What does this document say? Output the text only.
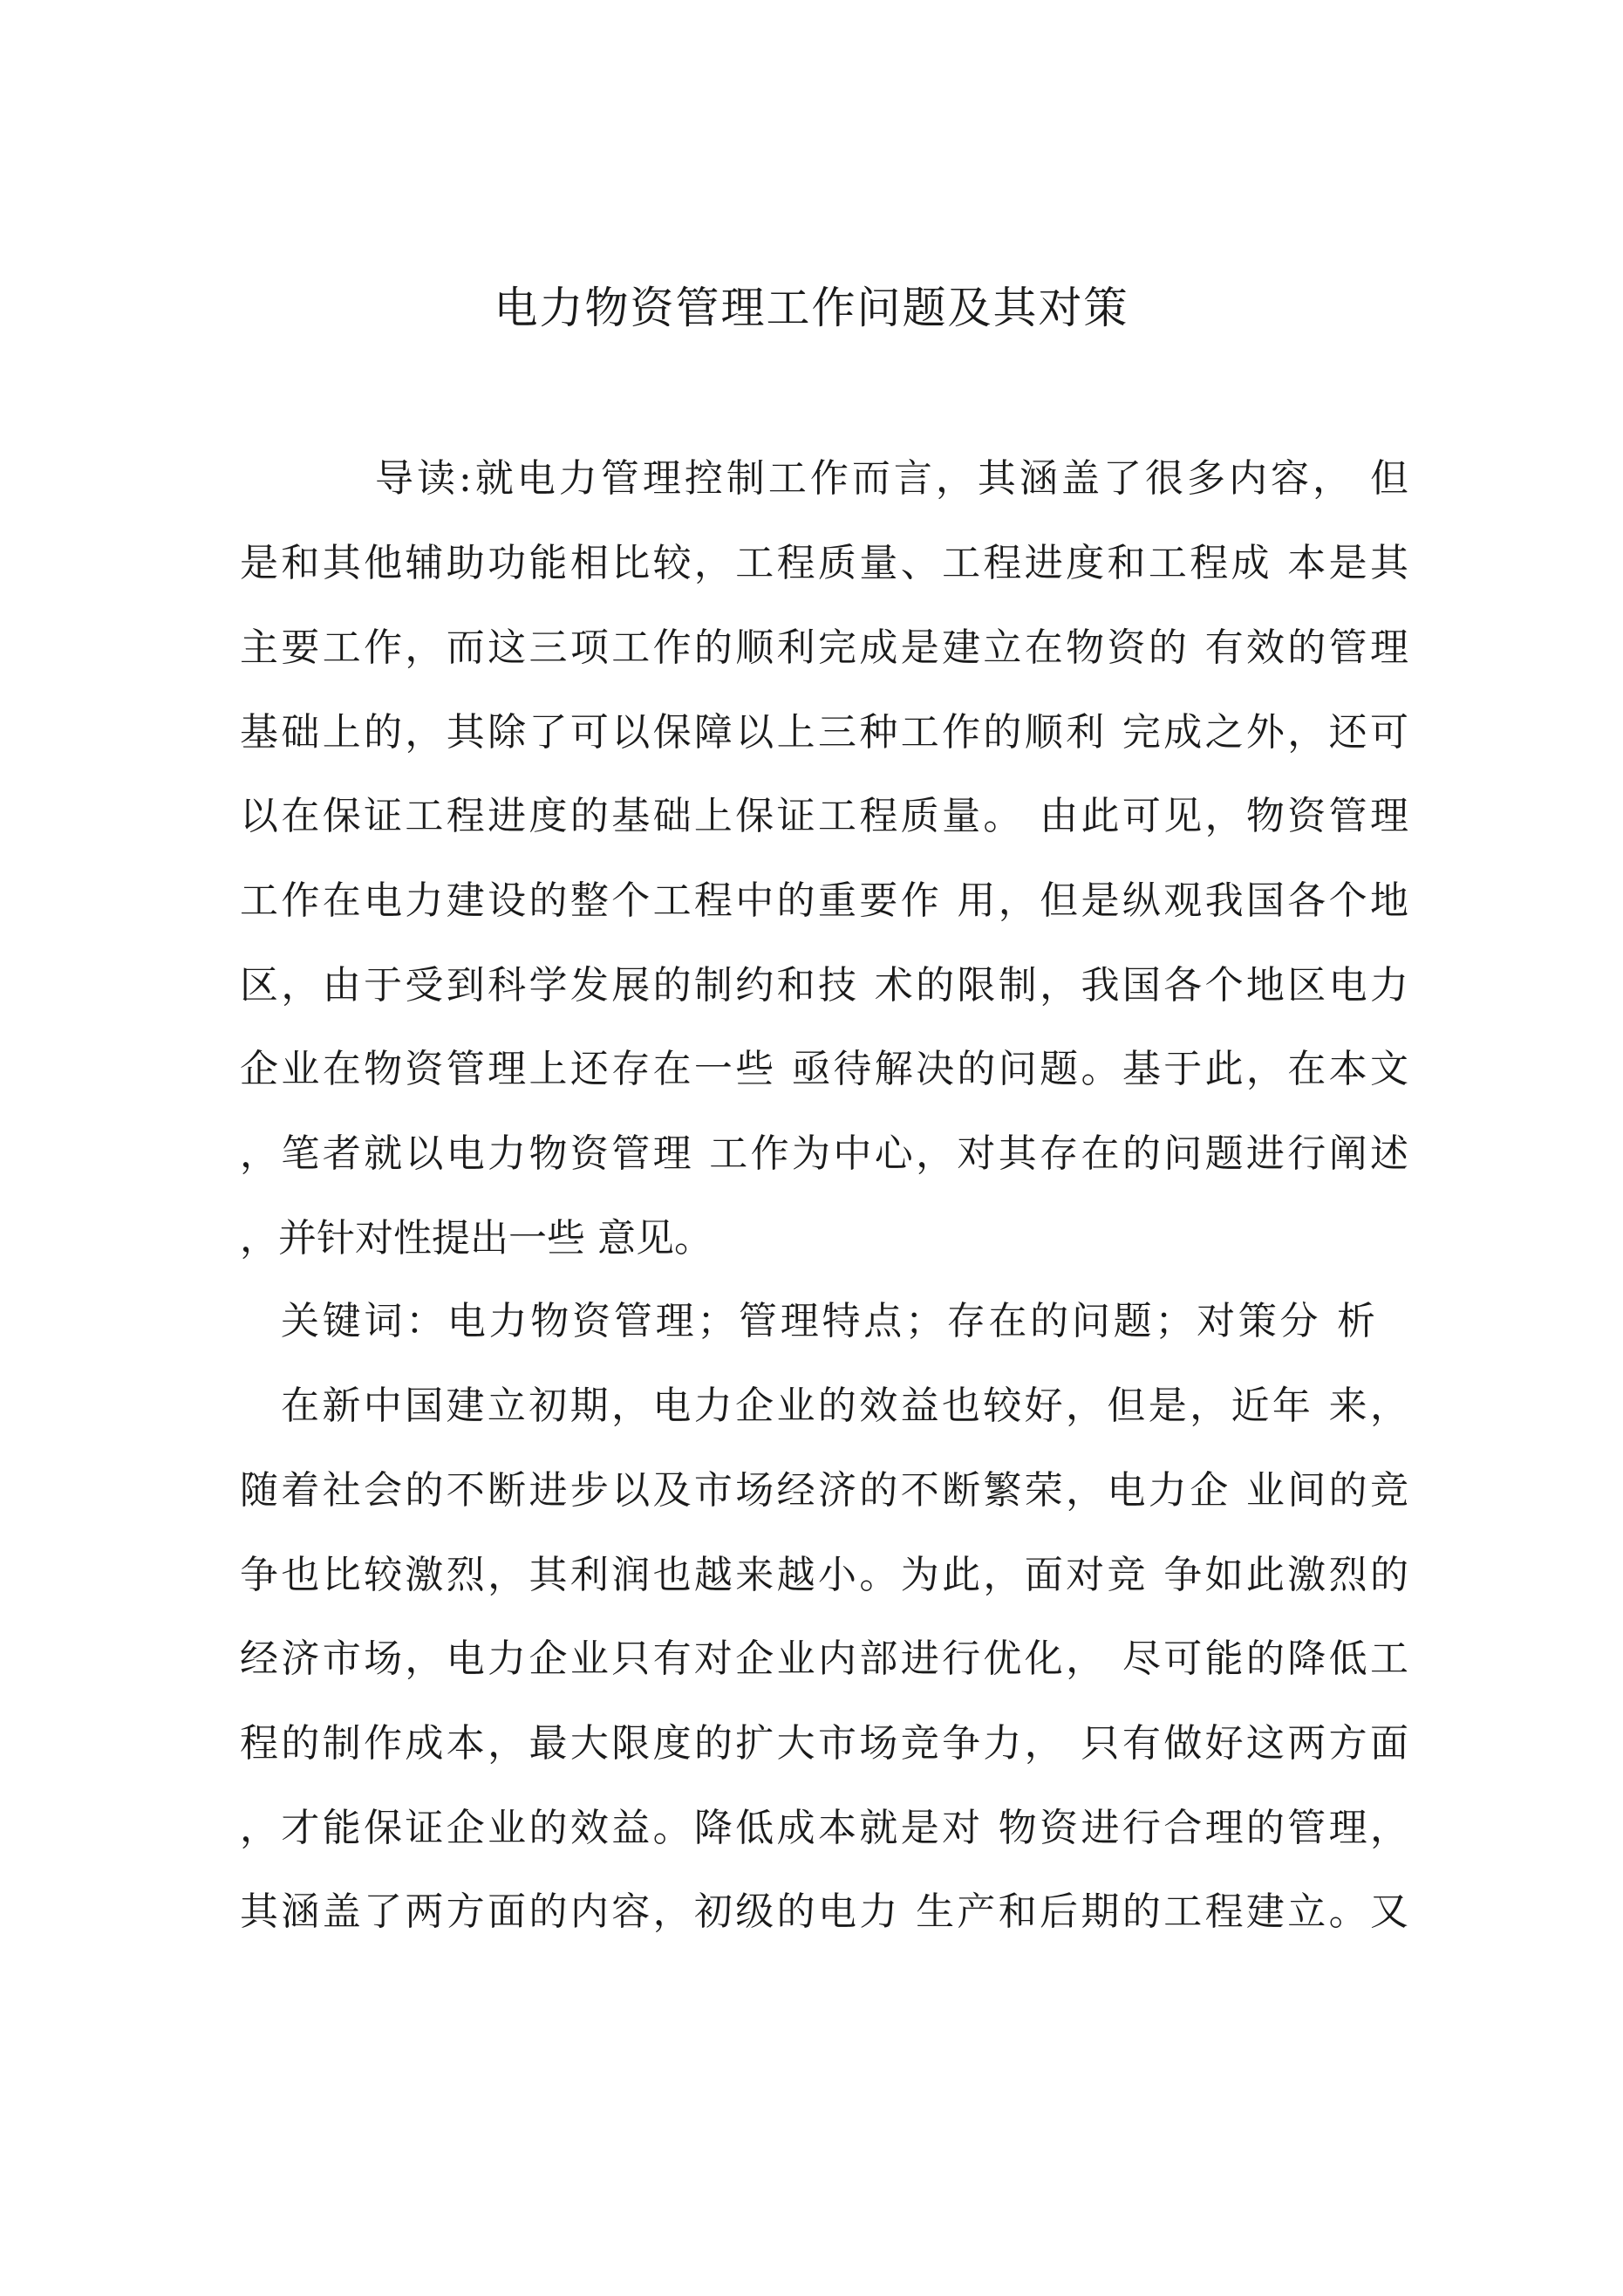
电力物资管理工作问题及其对策
导读:就电力管理控制工作而言，其涵盖了很多内容， 但
是和其他辅助功能相比较，工程质量、工程进度和工程成 本是其
主要工作，而这三项工作的顺利完成是建立在物资的 有效的管理
基础上的，其除了可以保障以上三种工作的顺利 完成之外，还可
以在保证工程进度的基础上保证工程质量。 由此可见，物资管理
工作在电力建设的整个工程中的重要作 用，但是纵观我国各个地
区，由于受到科学发展的制约和技 术的限制，我国各个地区电力
企业在物资管理上还存在一些 亟待解决的问题。基于此，在本文
，笔者就以电力物资管理 工作为中心，对其存在的问题进行阐述
，并针对性提出一些 意见。
关键词：电力物资管理；管理特点；存在的问题；对策分 析
在新中国建立初期，电力企业的效益也较好，但是，近年 来，
随着社会的不断进步以及市场经济的不断繁荣，电力企 业间的竞
争也比较激烈，其利润也越来越小。为此，面对竞 争如此激烈的
经济市场，电力企业只有对企业内部进行优化， 尽可能的降低工
程的制作成本，最大限度的扩大市场竞争力， 只有做好这两方面
，才能保证企业的效益。降低成本就是对 物资进行合理的管理，
其涵盖了两方面的内容，初级的电力 生产和后期的工程建立。又
